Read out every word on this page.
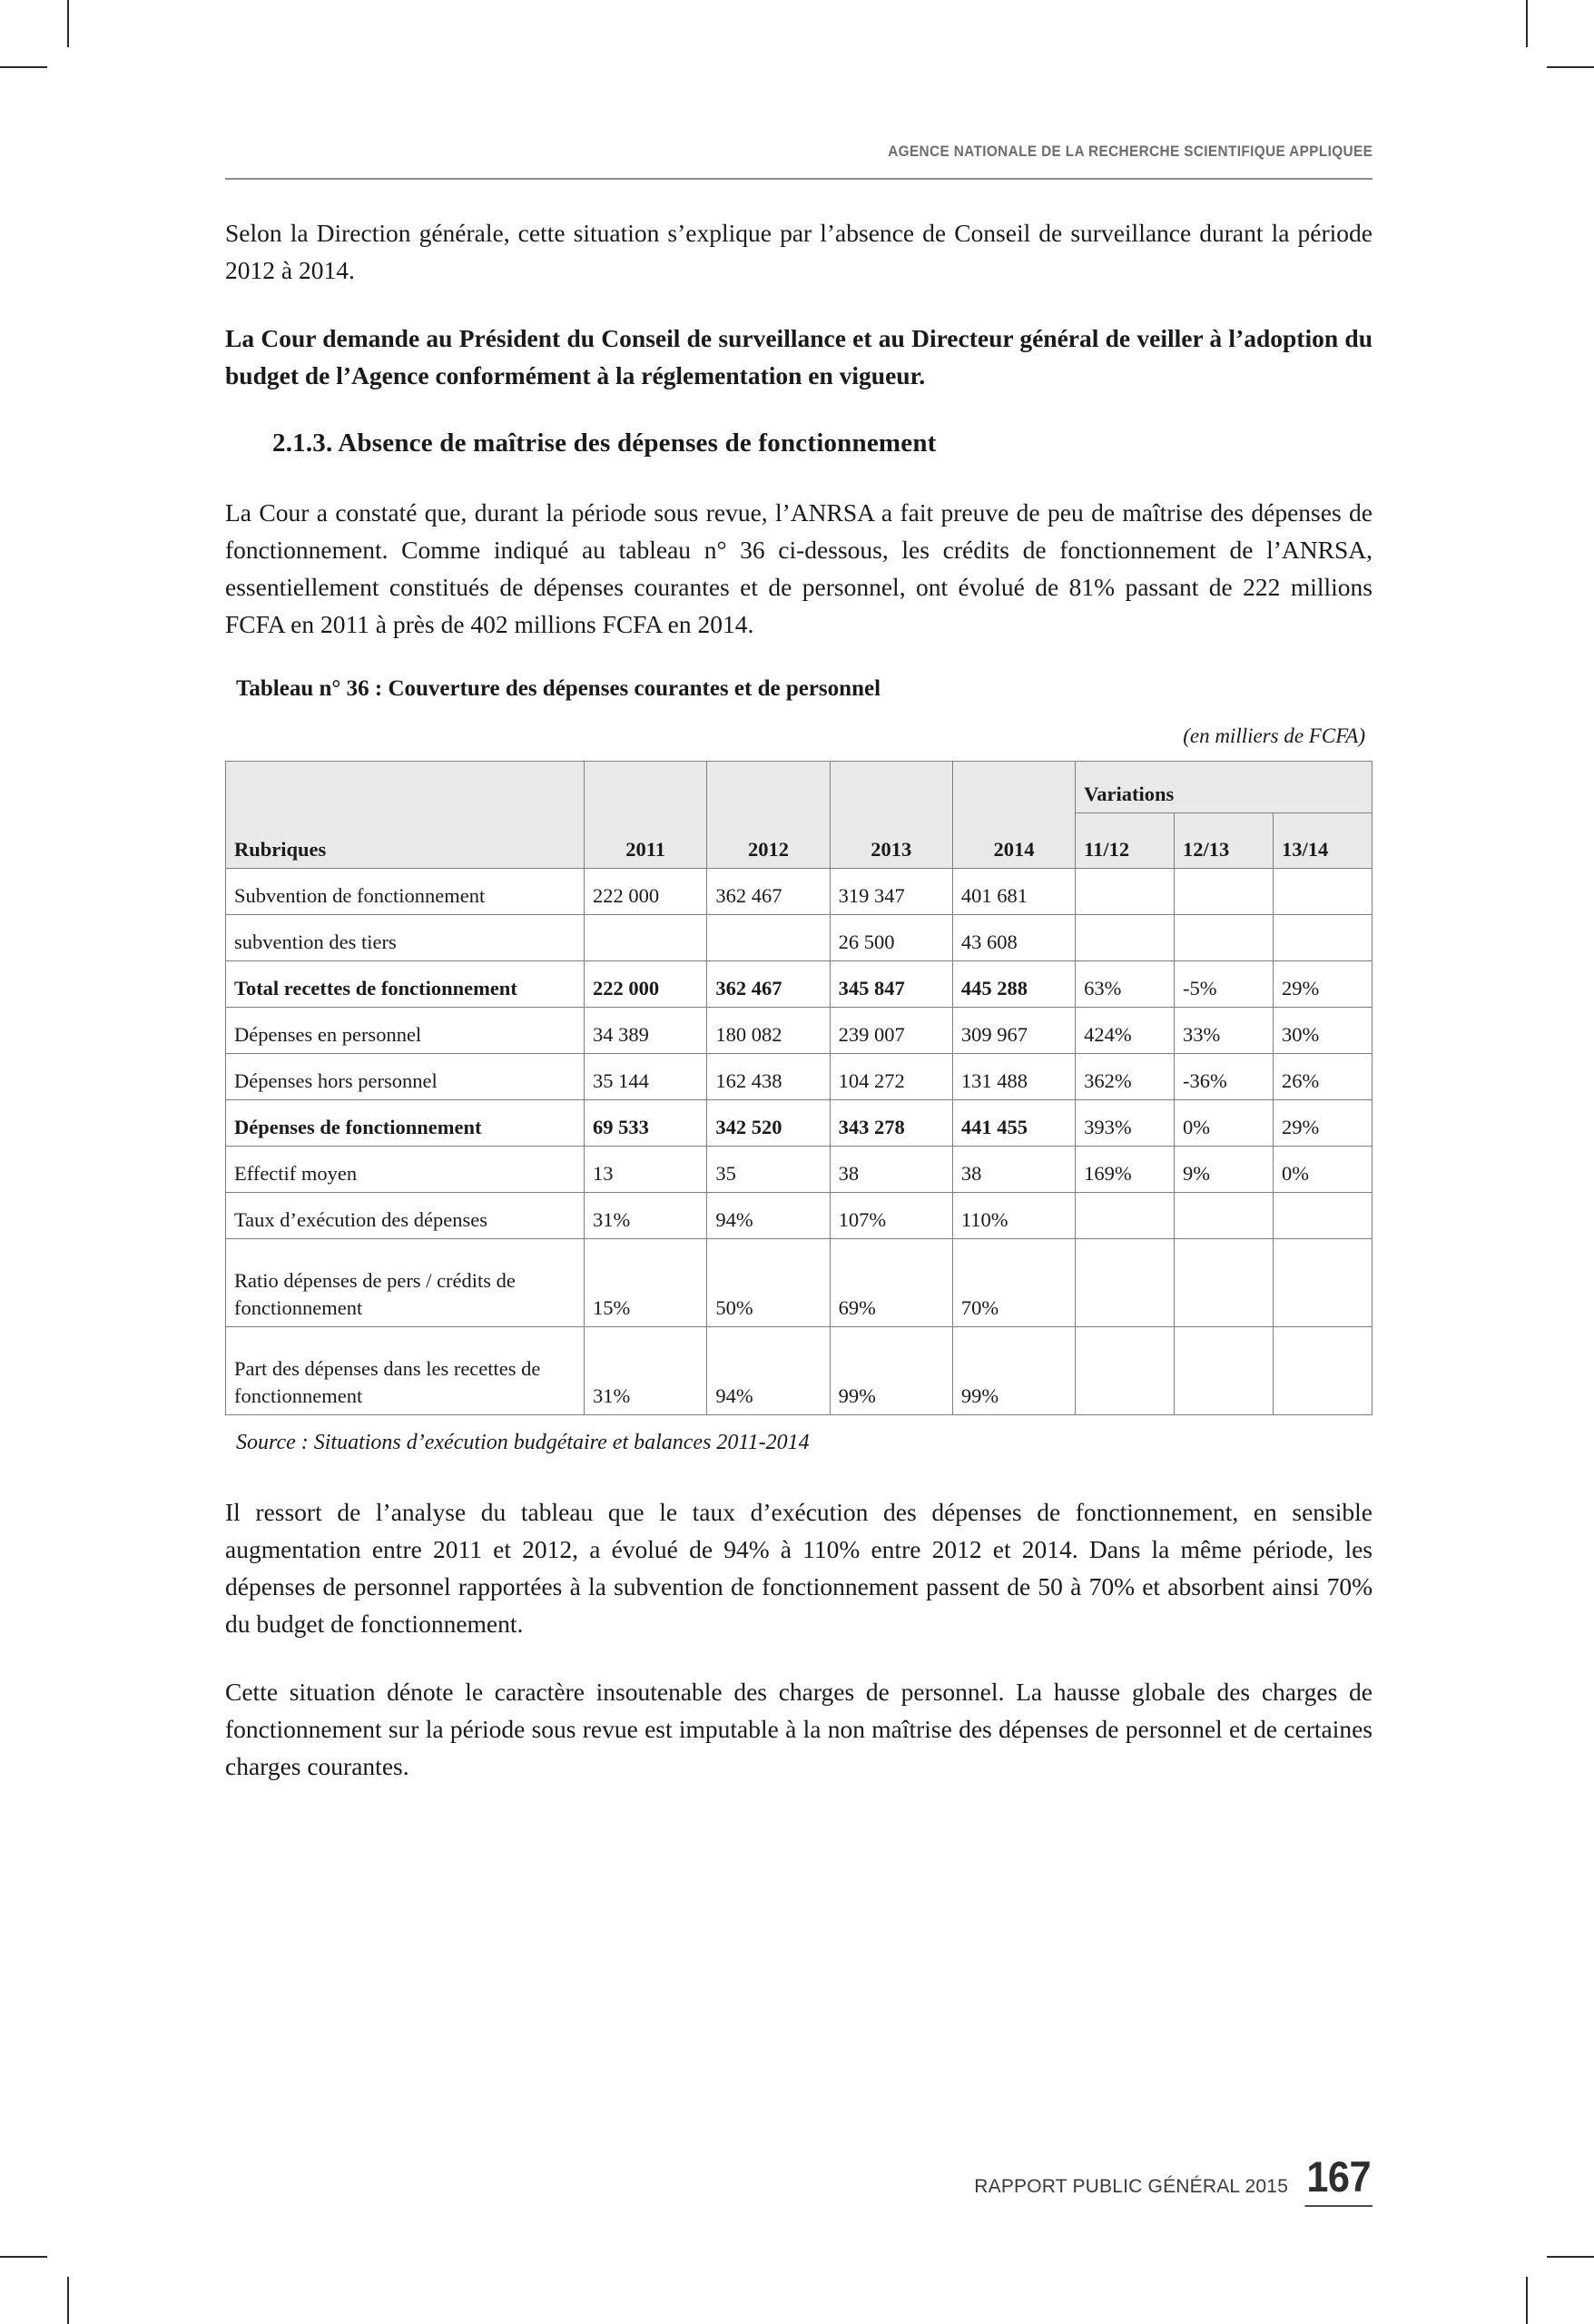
AGENCE NATIONALE DE LA RECHERCHE SCIENTIFIQUE APPLIQUEE

Selon la Direction générale, cette situation s’explique par l’absence de Conseil de surveillance durant la période 2012 à 2014.

La Cour demande au Président du Conseil de surveillance et au Directeur général de veiller à l’adoption du budget de l’Agence conformément à la réglementation en vigueur.

2.1.3. Absence de maîtrise des dépenses de fonctionnement

La Cour a constaté que, durant la période sous revue, l’ANRSA a fait preuve de peu de maîtrise des dépenses de fonctionnement. Comme indiqué au tableau n° 36 ci-dessous, les crédits de fonctionnement de l’ANRSA, essentiellement constitués de dépenses courantes et de personnel, ont évolué de 81% passant de 222 millions FCFA en 2011 à près de 402 millions FCFA en 2014.

Tableau n° 36 : Couverture des dépenses courantes et de personnel
(en milliers de FCFA)
Rubriques	2011	2012	2013	2014	Variations		
					11/12	12/13	13/14
Subvention de fonctionnement	222 000	362 467	319 347	401 681			
subvention des tiers			26 500	43 608			
Total recettes de fonctionnement	222 000	362 467	345 847	445 288	63%	-5%	29%
Dépenses en personnel	34 389	180 082	239 007	309 967	424%	33%	30%
Dépenses hors personnel	35 144	162 438	104 272	131 488	362%	-36%	26%
Dépenses de fonctionnement	69 533	342 520	343 278	441 455	393%	0%	29%
Effectif moyen	13	35	38	38	169%	9%	0%
Taux d’exécution des dépenses	31%	94%	107%	110%			
Ratio dépenses de pers / crédits de fonctionnement	15%	50%	69%	70%			
Part des dépenses dans les recettes de fonctionnement	31%	94%	99%	99%			
Source : Situations d’exécution budgétaire et balances 2011-2014

Il ressort de l’analyse du tableau que le taux d’exécution des dépenses de fonctionnement, en sensible augmentation entre 2011 et 2012, a évolué de 94% à 110% entre 2012 et 2014. Dans la même période, les dépenses de personnel rapportées à la subvention de fonctionnement passent de 50 à 70% et absorbent ainsi 70% du budget de fonctionnement.

Cette situation dénote le caractère insoutenable des charges de personnel. La hausse globale des charges de fonctionnement sur la période sous revue est imputable à la non maîtrise des dépenses de personnel et de certaines charges courantes.

RAPPORT PUBLIC GÉNÉRAL 2015 167
